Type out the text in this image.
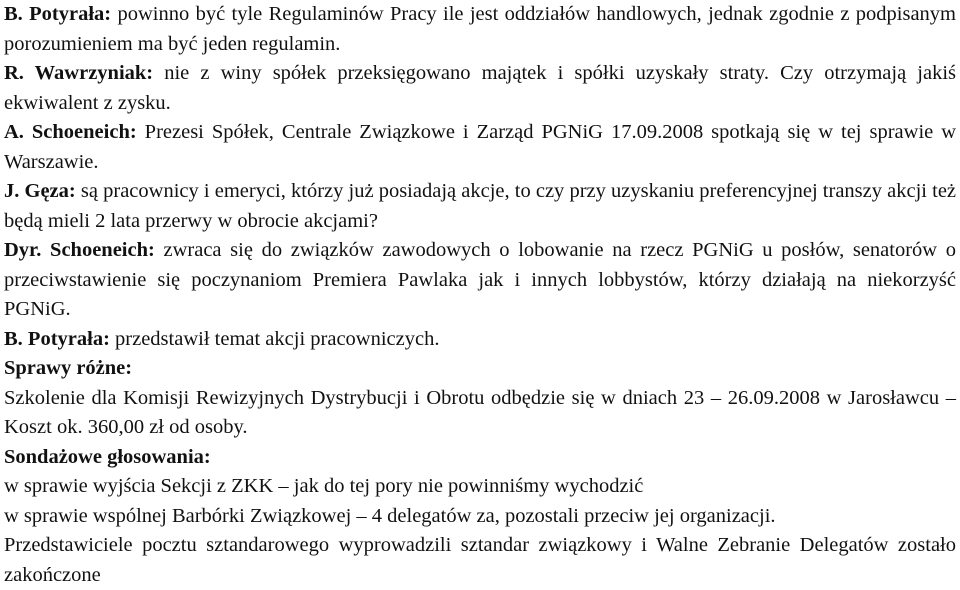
B. Potyrała: powinno być tyle Regulaminów Pracy ile jest oddziałów handlowych, jednak zgodnie z podpisanym porozumieniem ma być jeden regulamin.
R. Wawrzyniak: nie z winy spółek przeksięgowano majątek i spółki uzyskały straty. Czy otrzymają jakiś ekwiwalent z zysku.
A. Schoeneich: Prezesi Spółek, Centrale Związkowe i Zarząd PGNiG 17.09.2008 spotkają się w tej sprawie w Warszawie.
J. Gęza: są pracownicy i emeryci, którzy już posiadają akcje, to czy przy uzyskaniu preferencyjnej transzy akcji też będą mieli 2 lata przerwy w obrocie akcjami?
Dyr. Schoeneich: zwraca się do związków zawodowych o lobowanie na rzecz PGNiG u posłów, senatorów o przeciwstawienie się poczynaniom Premiera Pawlaka jak i innych lobbystów, którzy działają na niekorzyść PGNiG.
B. Potyrała: przedstawił temat akcji pracowniczych.
Sprawy różne:
Szkolenie dla Komisji Rewizyjnych Dystrybucji i Obrotu odbędzie się w dniach 23 – 26.09.2008 w Jarosławcu – Koszt ok. 360,00 zł od osoby.
Sondażowe głosowania:
w sprawie wyjścia Sekcji z ZKK – jak do tej pory nie powinniśmy wychodzić
w sprawie wspólnej Barbórki Związkowej – 4 delegatów za, pozostali przeciw jej organizacji.
Przedstawiciele pocztu sztandarowego wyprowadzili sztandar związkowy i Walne Zebranie Delegatów zostało zakończone
